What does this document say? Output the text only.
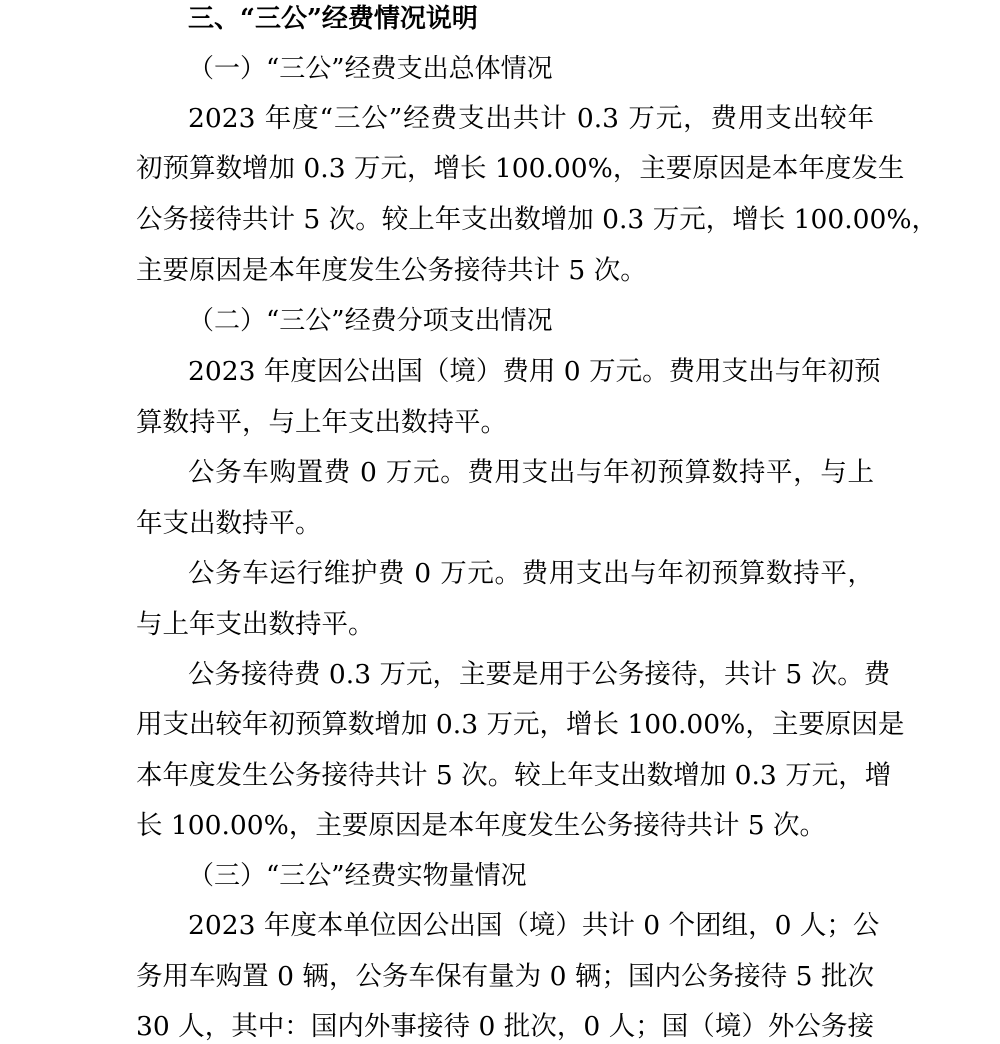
三、“三公”经费情况说明
（一）“三公”经费支出总体情况
2023 年度“三公”经费支出共计 0.3 万元，费用支出较年
初预算数增加 0.3 万元，增长 100.00%，主要原因是本年度发生
公务接待共计 5 次。较上年支出数增加 0.3 万元，增长 100.00%，
主要原因是本年度发生公务接待共计 5 次。
（二）“三公”经费分项支出情况
2023 年度因公出国（境）费用 0 万元。费用支出与年初预
算数持平，与上年支出数持平。
公务车购置费 0 万元。费用支出与年初预算数持平，与上
年支出数持平。
公务车运行维护费 0 万元。费用支出与年初预算数持平，
与上年支出数持平。
公务接待费 0.3 万元，主要是用于公务接待，共计 5 次。费
用支出较年初预算数增加 0.3 万元，增长 100.00%，主要原因是
本年度发生公务接待共计 5 次。较上年支出数增加 0.3 万元，增
长 100.00%，主要原因是本年度发生公务接待共计 5 次。
（三）“三公”经费实物量情况
2023 年度本单位因公出国（境）共计 0 个团组，0 人；公
务用车购置 0 辆，公务车保有量为 0 辆；国内公务接待 5 批次
30 人，其中：国内外事接待 0 批次，0 人；国（境）外公务接
